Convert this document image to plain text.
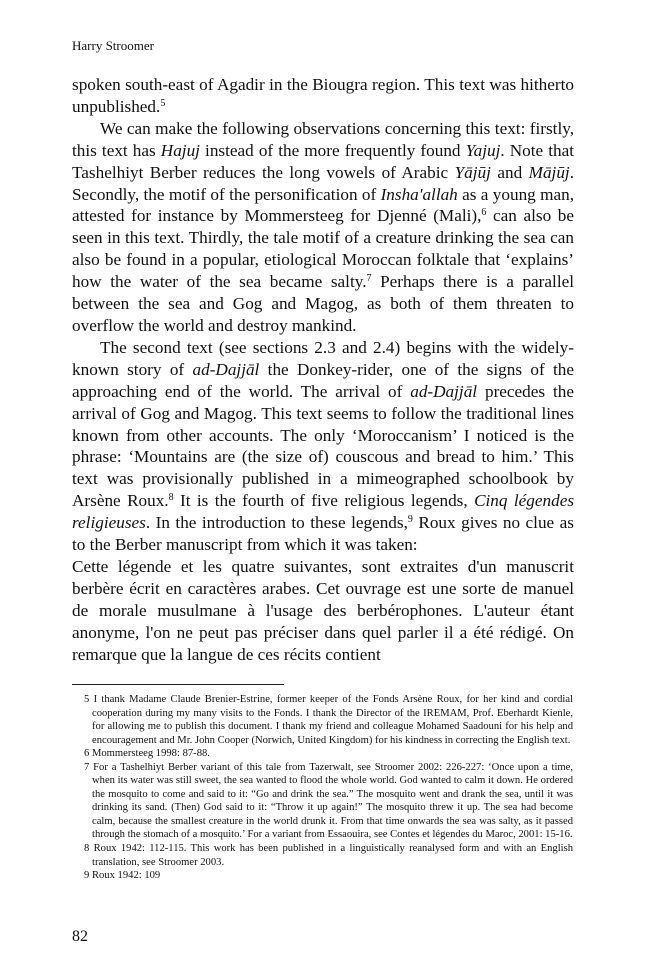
Harry Stroomer

spoken south-east of Agadir in the Biougra region. This text was hitherto unpublished.$^5$

We can make the following observations concerning this text: firstly, this text has Hajuj instead of the more frequently found Yajuj. Note that Tashelhiyt Berber reduces the long vowels of Arabic Yājūj and Mājūj. Secondly, the motif of the personification of Insha'allah as a young man, attested for instance by Mommersteeg for Djenné (Mali),$^6$ can also be seen in this text. Thirdly, the tale motif of a creature drinking the sea can also be found in a popular, etiological Moroccan folktale that ‘explains’ how the water of the sea became salty.$^7$ Perhaps there is a parallel between the sea and Gog and Magog, as both of them threaten to overflow the world and destroy mankind.

The second text (see sections 2.3 and 2.4) begins with the widely-known story of ad-Dajjāl the Donkey-rider, one of the signs of the approaching end of the world. The arrival of ad-Dajjāl precedes the arrival of Gog and Magog. This text seems to follow the traditional lines known from other accounts. The only ‘Moroccanism’ I noticed is the phrase: ‘Mountains are (the size of) couscous and bread to him.’ This text was provisionally published in a mimeographed schoolbook by Arsène Roux.$^8$ It is the fourth of five religious legends, Cinq légendes religieuses. In the introduction to these legends,$^9$ Roux gives no clue as to the Berber manuscript from which it was taken:

Cette légende et les quatre suivantes, sont extraites d'un manuscrit berbère écrit en caractères arabes. Cet ouvrage est une sorte de manuel de morale musulmane à l'usage des berbérophones. L'auteur étant anonyme, l'on ne peut pas préciser dans quel parler il a été rédigé. On remarque que la langue de ces récits contient

5 I thank Madame Claude Brenier-Estrine, former keeper of the Fonds Arsène Roux, for her kind and cordial cooperation during my many visits to the Fonds. I thank the Director of the IREMAM, Prof. Eberhardt Kienle, for allowing me to publish this document. I thank my friend and colleague Mohamed Saadouni for his help and encouragement and Mr. John Cooper (Norwich, United Kingdom) for his kindness in correcting the English text.

6 Mommersteeg 1998: 87-88.

7 For a Tashelhiyt Berber variant of this tale from Tazerwalt, see Stroomer 2002: 226-227: ‘Once upon a time, when its water was still sweet, the sea wanted to flood the whole world. God wanted to calm it down. He ordered the mosquito to come and said to it: “Go and drink the sea.” The mosquito went and drank the sea, until it was drinking its sand. (Then) God said to it: “Throw it up again!” The mosquito threw it up. The sea had become calm, because the smallest creature in the world drunk it. From that time onwards the sea was salty, as it passed through the stomach of a mosquito.’ For a variant from Essaouira, see Contes et légendes du Maroc, 2001: 15-16.

8 Roux 1942: 112-115. This work has been published in a linguistically reanalysed form and with an English translation, see Stroomer 2003.

9 Roux 1942: 109

82
